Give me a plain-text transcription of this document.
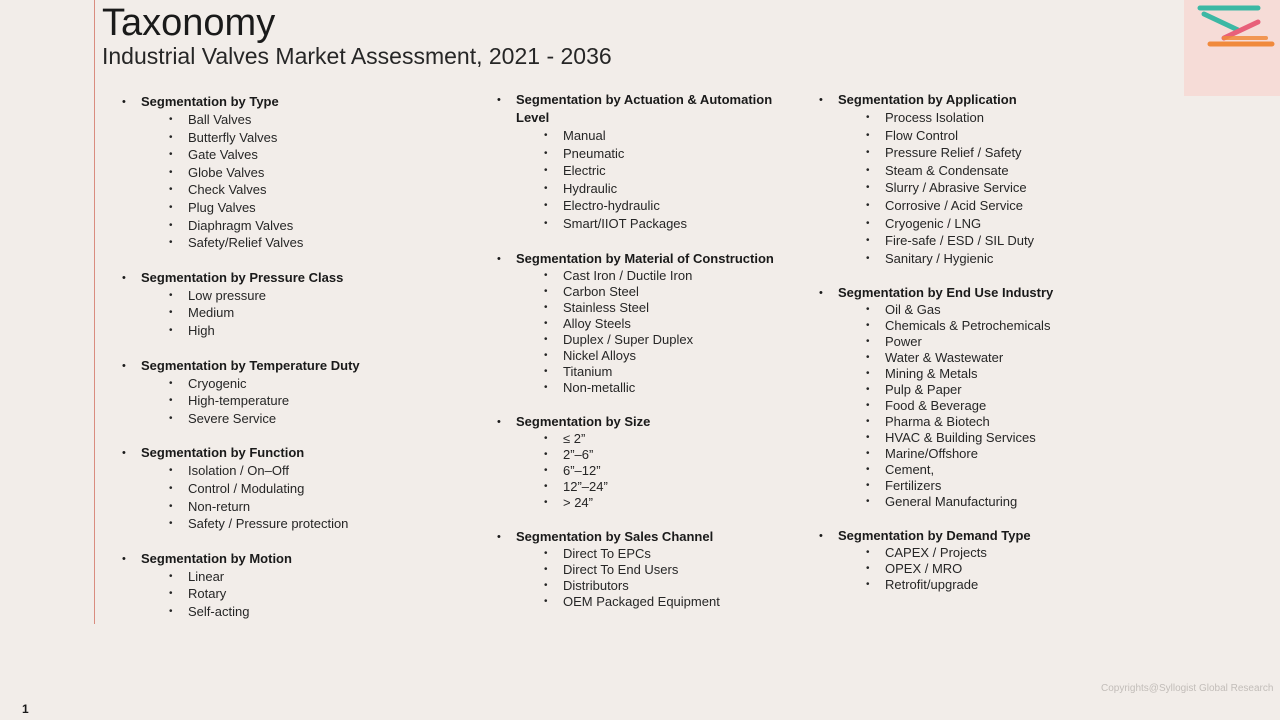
Taxonomy
Industrial Valves Market Assessment, 2021 - 2036
• Segmentation by Type
• Ball Valves
• Butterfly Valves
• Gate Valves
• Globe Valves
• Check Valves
• Plug Valves
• Diaphragm Valves
• Safety/Relief Valves
• Segmentation by Pressure Class
• Low pressure
• Medium
• High
• Segmentation by Temperature Duty
• Cryogenic
• High-temperature
• Severe Service
• Segmentation by Function
• Isolation / On–Off
• Control / Modulating
• Non-return
• Safety / Pressure protection
• Segmentation by Motion
• Linear
• Rotary
• Self-acting
• Segmentation by Actuation & Automation Level
• Manual
• Pneumatic
• Electric
• Hydraulic
• Electro-hydraulic
• Smart/IIOT Packages
• Segmentation by Material of Construction
• Cast Iron / Ductile Iron
• Carbon Steel
• Stainless Steel
• Alloy Steels
• Duplex / Super Duplex
• Nickel Alloys
• Titanium
• Non-metallic
• Segmentation by Size
• ≤ 2”
• 2”–6”
• 6”–12”
• 12”–24”
• > 24”
• Segmentation by Sales Channel
• Direct To EPCs
• Direct To End Users
• Distributors
• OEM Packaged Equipment
• Segmentation by Application
• Process Isolation
• Flow Control
• Pressure Relief / Safety
• Steam & Condensate
• Slurry / Abrasive Service
• Corrosive / Acid Service
• Cryogenic / LNG
• Fire-safe / ESD / SIL Duty
• Sanitary / Hygienic
• Segmentation by End Use Industry
• Oil & Gas
• Chemicals & Petrochemicals
• Power
• Water & Wastewater
• Mining & Metals
• Pulp & Paper
• Food & Beverage
• Pharma & Biotech
• HVAC & Building Services
• Marine/Offshore
• Cement,
• Fertilizers
• General Manufacturing
• Segmentation by Demand Type
• CAPEX / Projects
• OPEX / MRO
• Retrofit/upgrade
Copyrights@Syllogist Global Research
1
